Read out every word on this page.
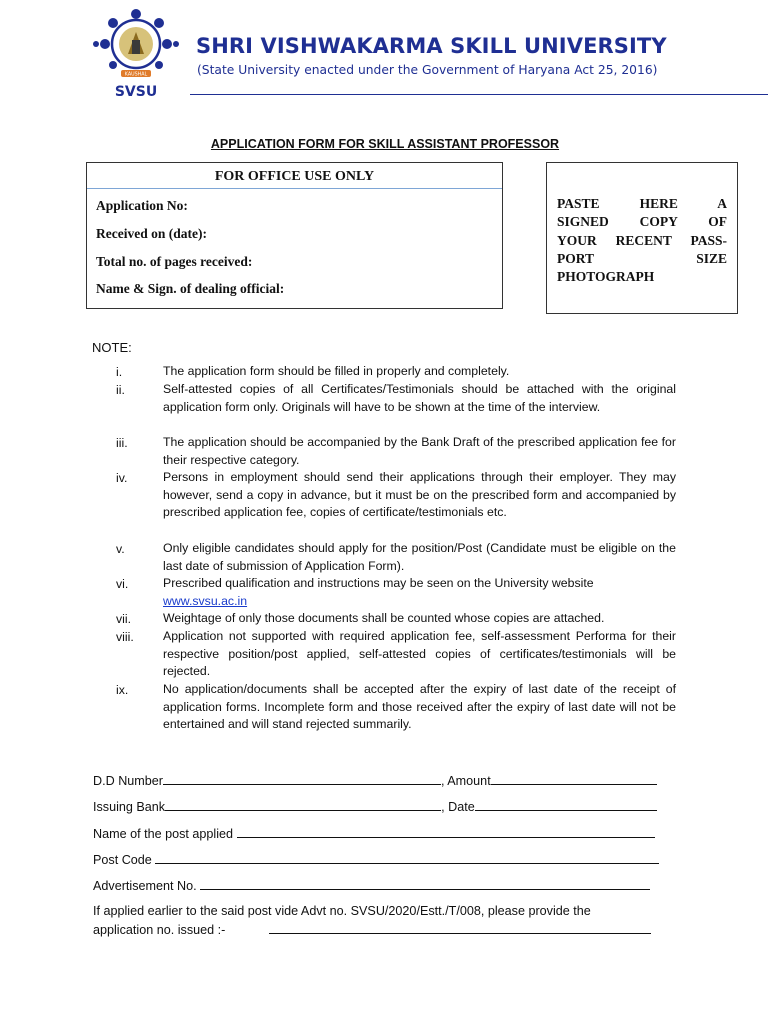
KAUSHAL
SVSU
SHRI VISHWAKARMA SKILL UNIVERSITY
(State University enacted under the Government of Haryana Act 25, 2016)
APPLICATION FORM FOR SKILL ASSISTANT PROFESSOR
FOR OFFICE USE ONLY
Application No:
Received on (date):
Total no. of pages received:
Name & Sign. of dealing official:
PASTE HERE A
SIGNED COPY OF
YOUR RECENT PASS-
PORT SIZE
PHOTOGRAPH
NOTE:
i.	The application form should be filled in properly and completely.
ii.	Self-attested copies of all Certificates/Testimonials should be attached with the original application form only. Originals will have to be shown at the time of the interview.
iii.	The application should be accompanied by the Bank Draft of the prescribed application fee for their respective category.
iv.	Persons in employment should send their applications through their employer. They may however, send a copy in advance, but it must be on the prescribed form and accompanied by prescribed application fee, copies of certificate/testimonials etc.
v.	Only eligible candidates should apply for the position/Post (Candidate must be eligible on the last date of submission of Application Form).
vi.	Prescribed qualification and instructions may be seen on the University website
www.svsu.ac.in
vii.	Weightage of only those documents shall be counted whose copies are attached.
viii. Application not supported with required application fee, self-assessment Performa for their respective position/post applied, self-attested copies of certificates/testimonials will be rejected.
ix.	No application/documents shall be accepted after the expiry of last date of the receipt of application forms. Incomplete form and those received after the expiry of last date will not be entertained and will stand rejected summarily.
D.D Number	, Amount
Issuing Bank	, Date
Name of the post applied
Post Code
Advertisement No.
If applied earlier to the said post vide Advt no. SVSU/2020/Estt./T/008, please provide the
application no. issued :-
